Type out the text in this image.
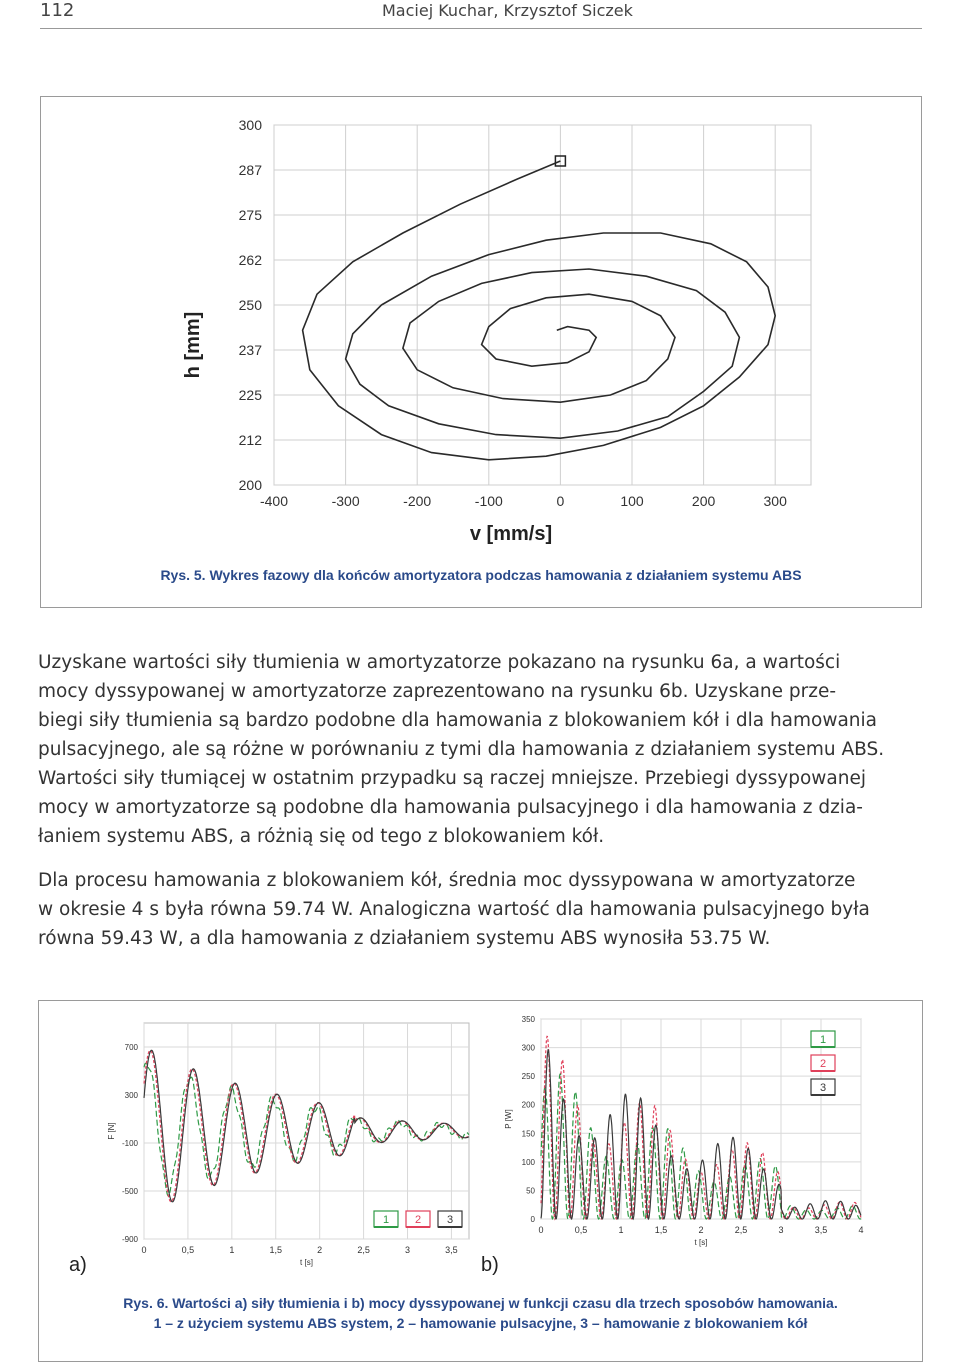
112	Maciej Kuchar, Krzysztof Siczek
-400	-300	-200	-100	0	100	200	300
300
287
275
262
250
237
225
212
200
h [mm]
v [mm/s]
Rys. 5. Wykres fazowy dla końców amortyzatora podczas hamowania z działaniem systemu ABS
Uzyskane wartości siły tłumienia w amortyzatorze pokazano na rysunku 6a, a wartości
mocy dyssypowanej w amortyzatorze zaprezentowano na rysunku 6b. Uzyskane prze-
biegi siły tłumienia są bardzo podobne dla hamowania z blokowaniem kół i dla hamowania
pulsacyjnego, ale są różne w porównaniu z tymi dla hamowania z działaniem systemu ABS.
Wartości siły tłumiącej w ostatnim przypadku są raczej mniejsze. Przebiegi dyssypowanej
mocy w amortyzatorze są podobne dla hamowania pulsacyjnego i dla hamowania z dzia-
łaniem systemu ABS, a różnią się od tego z blokowaniem kół.
Dla procesu hamowania z blokowaniem kół, średnia moc dyssypowana w amortyzatorze
w okresie 4 s była równa 59.74 W. Analogiczna wartość dla hamowania pulsacyjnego była
równa 59.43 W, a dla hamowania z działaniem systemu ABS wynosiła 53.75 W.
0	0,5	1	1,5	2	2,5	3	3,5
700
300
-100
-500
-900
t [s]
F [N]
1 2 3
a)
0	0,5	1	1,5	2	2,5	3	3,5	4
350
300
250
200
150
100
50
0
t [s]
P [W]
1
2
3
b)
Rys. 6. Wartości a) siły tłumienia i b) mocy dyssypowanej w funkcji czasu dla trzech sposobów hamowania.
1 – z użyciem systemu ABS system, 2 – hamowanie pulsacyjne, 3 – hamowanie z blokowaniem kół
